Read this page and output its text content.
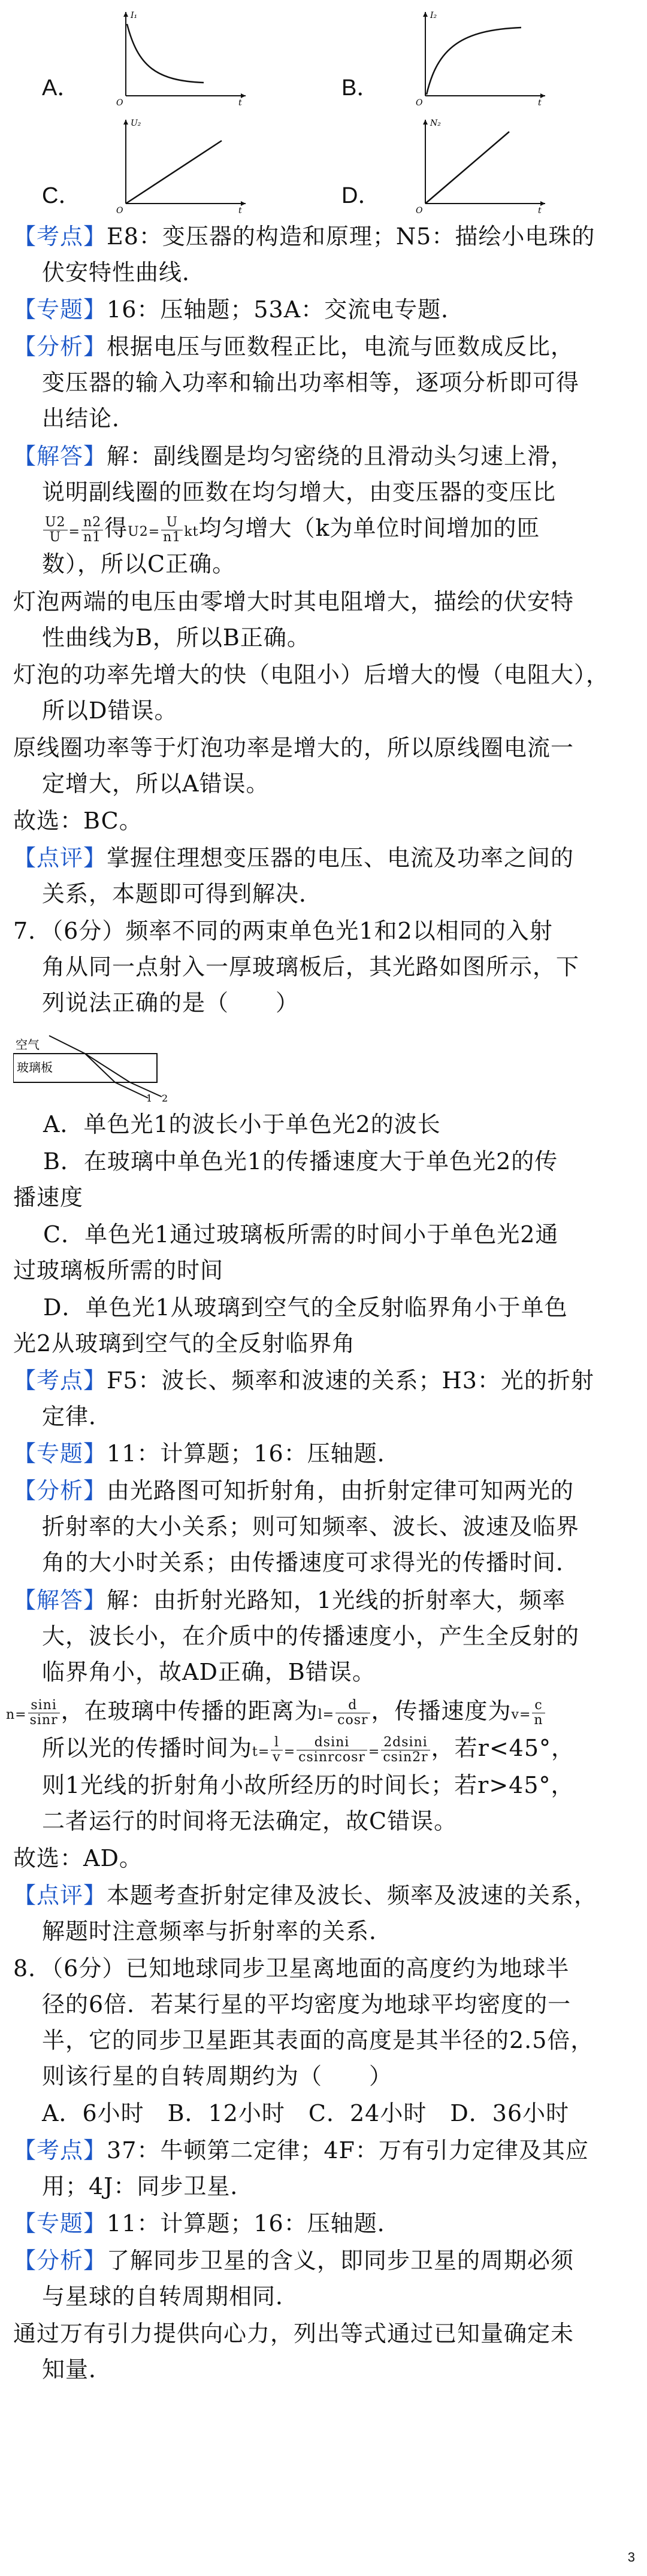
A．
O
I₁
t
B．
O
I₂
t
C．
O
U₂
t
D．
O
N₂
t
【考点】E8：变压器的构造和原理；N5：描绘小电珠的
伏安特性曲线．
【专题】16：压轴题；53A：交流电专题．
【分析】根据电压与匝数程正比，电流与匝数成反比，
变压器的输入功率和输出功率相等，逐项分析即可得
出结论．
【解答】解：副线圈是均匀密绕的且滑动头匀速上滑，
说明副线圈的匝数在均匀增大，由变压器的变压比
$\frac{U2}{U} = \frac{n2}{n1}$ 得$U2= \frac{U}{n1}$ kt均匀增大（k为单位时间增加的匝
数），所以C正确。
灯泡两端的电压由零增大时其电阻增大，描绘的伏安特
性曲线为B，所以B正确。
灯泡的功率先增大的快（电阻小）后增大的慢（电阻大），
所以D错误。
原线圈功率等于灯泡功率是增大的，所以原线圈电流一
定增大，所以A错误。
故选：BC。
【点评】掌握住理想变压器的电压、电流及功率之间的
关系，本题即可得到解决．
7．（6分）频率不同的两束单色光1和2以相同的入射
角从同一点射入一厚玻璃板后，其光路如图所示，下
列说法正确的是（　　）
空气
玻璃板
1 2
A．单色光1的波长小于单色光2的波长
B．在玻璃中单色光1的传播速度大于单色光2的传
播速度
C．单色光1通过玻璃板所需的时间小于单色光2通
过玻璃板所需的时间
D．单色光1从玻璃到空气的全反射临界角小于单色
光2从玻璃到空气的全反射临界角
【考点】F5：波长、频率和波速的关系；H3：光的折射
定律．
【专题】11：计算题；16：压轴题．
【分析】由光路图可知折射角，由折射定律可知两光的
折射率的大小关系；则可知频率、波长、波速及临界
角的大小时关系；由传播速度可求得光的传播时间．
【解答】解：由折射光路知，1光线的折射率大，频率
大，波长小，在介质中的传播速度小，产生全反射的
临界角小，故AD正确，B错误。
$n= \frac{\sin i}{\sin r}$ ，在玻璃中传播的距离为$l= \frac{d}{\cos r}$ ，传播速度为$v= \frac{c}{n}$
所以光的传播时间为$t= \frac{l}{v} = \frac{dsini}{\text{csinrcosr}} = \frac{2dsini}{csin2r}$ ，若r<45°，
则1光线的折射角小故所经历的时间长；若r>45°，
二者运行的时间将无法确定，故C错误。
故选：AD。
【点评】本题考查折射定律及波长、频率及波速的关系，
解题时注意频率与折射率的关系．
8．（6分）已知地球同步卫星离地面的高度约为地球半
径的6倍．若某行星的平均密度为地球平均密度的一
半，它的同步卫星距其表面的高度是其半径的2.5倍，
则该行星的自转周期约为（　　）
A．6小时　B．12小时　C．24小时　D．36小时
【考点】37：牛顿第二定律；4F：万有引力定律及其应
用；4J：同步卫星．
【专题】11：计算题；16：压轴题．
【分析】了解同步卫星的含义，即同步卫星的周期必须
与星球的自转周期相同．
通过万有引力提供向心力，列出等式通过已知量确定未
知量．
3
